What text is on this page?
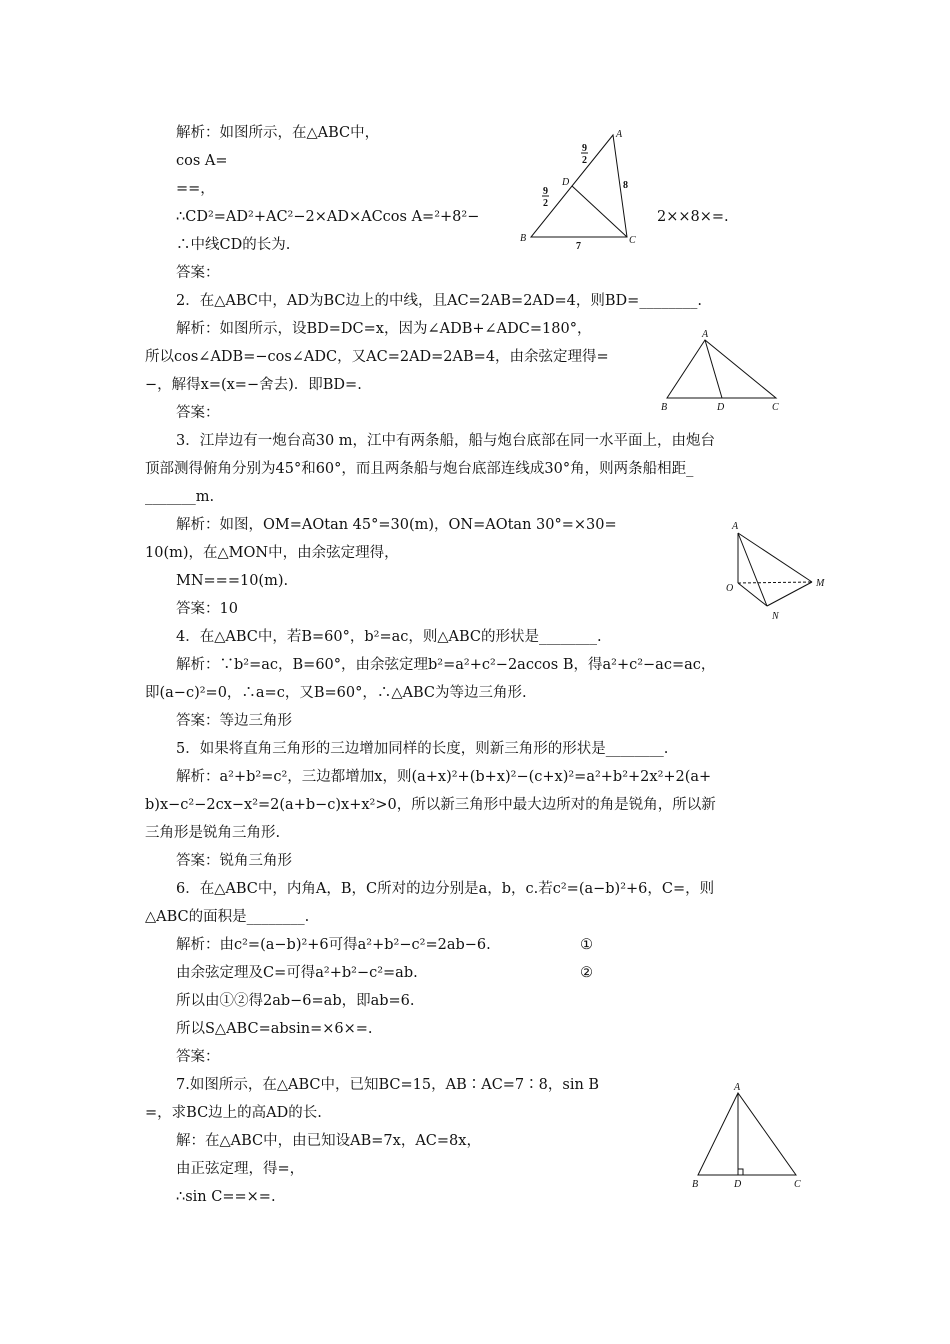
解析：如图所示，在△ABC中，
cos A=
==，
∴CD²=AD²+AC²−2×AD×ACcos A=²+8²−	2××8×=.
∴中线CD的长为.
答案：
2．在△ABC中，AD为BC边上的中线，且AC=2AB=2AD=4，则BD=________.
解析：如图所示，设BD=DC=x，因为∠ADB+∠ADC=180°，
所以cos∠ADB=−cos∠ADC，又AC=2AD=2AB=4，由余弦定理得=
−，解得x=(x=−舍去)．即BD=.
答案：
3．江岸边有一炮台高30 m，江中有两条船，船与炮台底部在同一水平面上，由炮台
顶部测得俯角分别为45°和60°，而且两条船与炮台底部连线成30°角，则两条船相距_
_______m.
解析：如图，OM=AOtan 45°=30(m)，ON=AOtan 30°=×30=
10(m)，在△MON中，由余弦定理得，
MN===10(m).
答案：10
4．在△ABC中，若B=60°，b²=ac，则△ABC的形状是________.
解析：∵b²=ac，B=60°，由余弦定理b²=a²+c²−2accos B，得a²+c²−ac=ac，
即(a−c)²=0，∴a=c，又B=60°，∴△ABC为等边三角形.
答案：等边三角形
5．如果将直角三角形的三边增加同样的长度，则新三角形的形状是________.
解析：a²+b²=c²，三边都增加x，则(a+x)²+(b+x)²−(c+x)²=a²+b²+2x²+2(a+
b)x−c²−2cx−x²=2(a+b−c)x+x²>0，所以新三角形中最大边所对的角是锐角，所以新
三角形是锐角三角形.
答案：锐角三角形
6．在△ABC中，内角A，B，C所对的边分别是a，b，c.若c²=(a−b)²+6，C=，则
△ABC的面积是________.
解析：由c²=(a−b)²+6可得a²+b²−c²=2ab−6.	①
由余弦定理及C=可得a²+b²−c²=ab.	②
所以由①②得2ab−6=ab，即ab=6.
所以S△ABC=absin=×6×=.
答案：
7.如图所示，在△ABC中，已知BC=15，AB∶AC=7∶8，sin B
=，求BC边上的高AD的长.
解：在△ABC中，由已知设AB=7x，AC=8x，
由正弦定理，得=，
∴sin C==×=.
A
B	C
D
9
2
9
2
8
7
A
B	D	C
A
O	M
N
A
B	D	C
